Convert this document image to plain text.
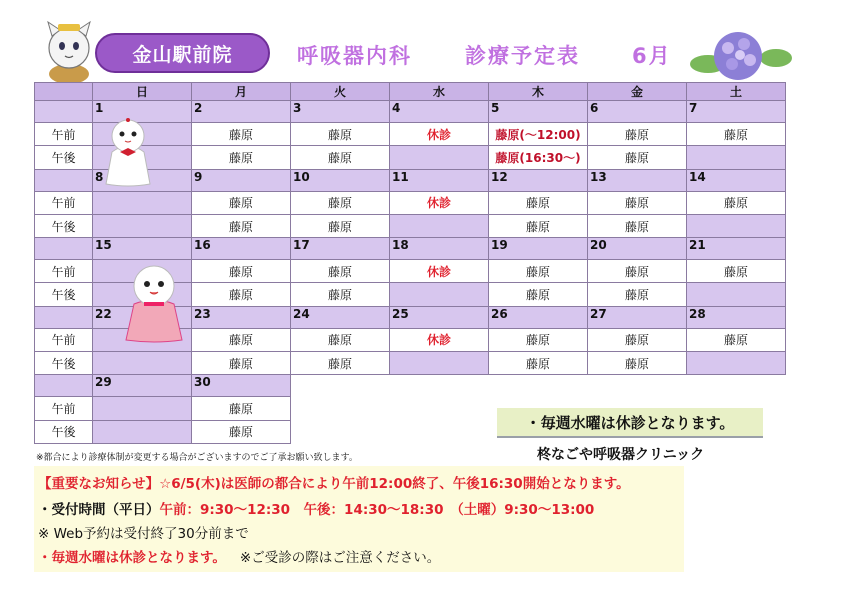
金山駅前院	呼吸器内科	診療予定表 6月
	日	月	火	水	木	金	土
	1	2	3	4	5	6	7
午前		藤原	藤原	休診	藤原(～12:00)	藤原	藤原
午後		藤原	藤原		藤原(16:30～)	藤原	
	8	9	10	11	12	13	14
午前		藤原	藤原	休診	藤原	藤原	藤原
午後		藤原	藤原		藤原	藤原	
	15	16	17	18	19	20	21
午前		藤原	藤原	休診	藤原	藤原	藤原
午後		藤原	藤原		藤原	藤原	
	22	23	24	25	26	27	28
午前		藤原	藤原	休診	藤原	藤原	藤原
午後		藤原	藤原		藤原	藤原	
	29	30					
午前		藤原					
午後		藤原					
※都合により診療体制が変更する場合がございますのでご了承お願い致します。
・毎週水曜は休診となります。
柊なごや呼吸器クリニック
【重要なお知らせ】☆6/5(木)は医師の都合により午前12:00終了、午後16:30開始となります。
・受付時間（平日）午前：9:30～12:30　午後：14:30～18:30　（土曜）9:30～13:00
※ Web予約は受付終了30分前まで
・毎週水曜は休診となります。 ※ご受診の際はご注意ください。
